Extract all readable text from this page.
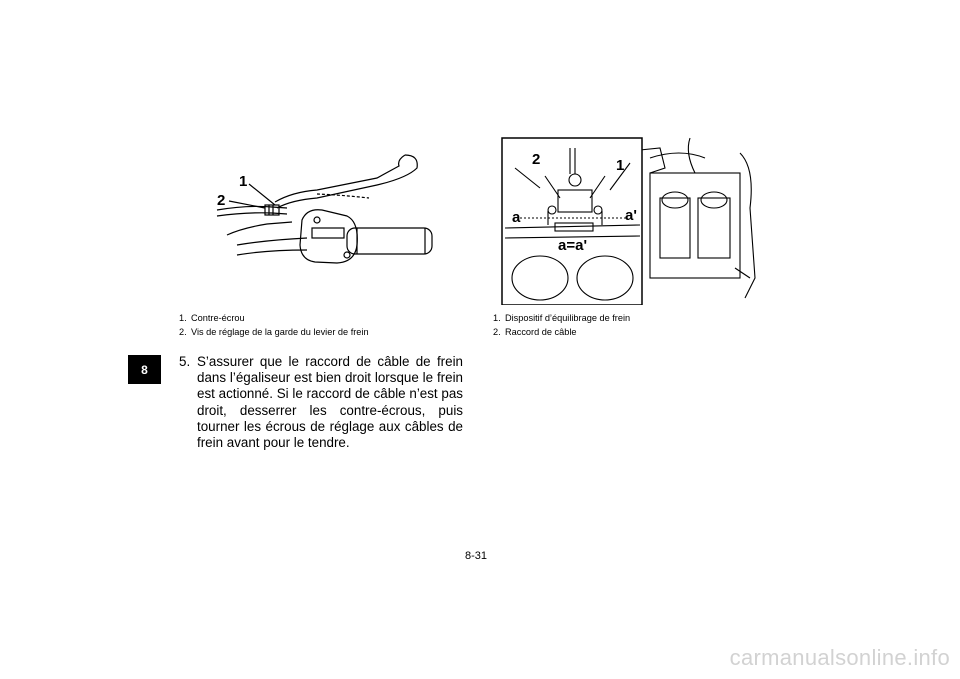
8
1
2
2	1
a	a'
a=a'
1. Contre-écrou
2. Vis de réglage de la garde du levier de frein
1. Dispositif d’équilibrage de frein
2. Raccord de câble
5. S’assurer que le raccord de câble de frein dans l’égaliseur est bien droit lorsque le frein est actionné. Si le raccord de câble n’est pas droit, desserrer les contre-écrous, puis tourner les écrous de réglage aux câbles de frein avant pour le tendre.
8-31
carmanualsonline.info
